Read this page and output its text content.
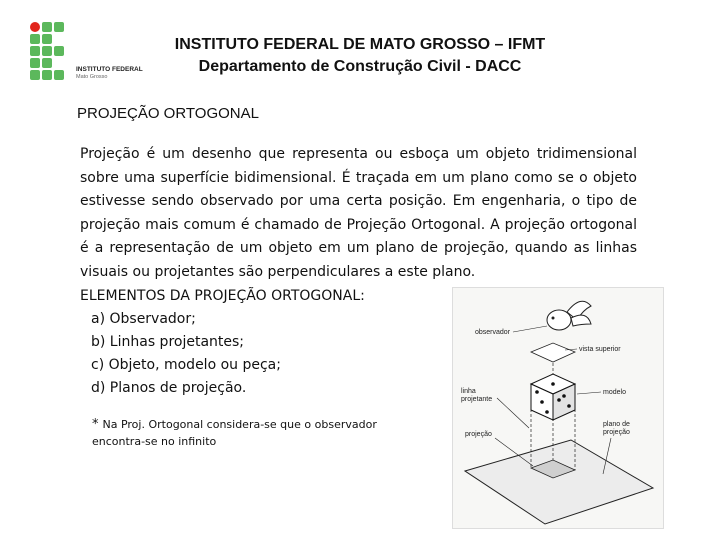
INSTITUTO FEDERAL
Mato Grosso
INSTITUTO FEDERAL DE MATO GROSSO – IFMT
Departamento de Construção Civil - DACC
PROJEÇÃO ORTOGONAL
Projeção é um desenho que representa ou esboça um objeto tridimensional sobre uma superfície bidimensional. É traçada em um plano como se o objeto estivesse sendo observado por uma certa posição. Em engenharia, o tipo de projeção mais comum é chamado de Projeção Ortogonal. A projeção ortogonal é a representação de um objeto em um plano de projeção, quando as linhas visuais ou projetantes são perpendiculares a este plano.
ELEMENTOS DA PROJEÇÃO ORTOGONAL:
a) Observador;
b) Linhas projetantes;
c) Objeto, modelo ou peça;
d) Planos de projeção.
* Na Proj. Ortogonal considera-se que o observador encontra-se no infinito
observador
vista superior
linha
projetante
modelo
projeção
plano de
projeção
